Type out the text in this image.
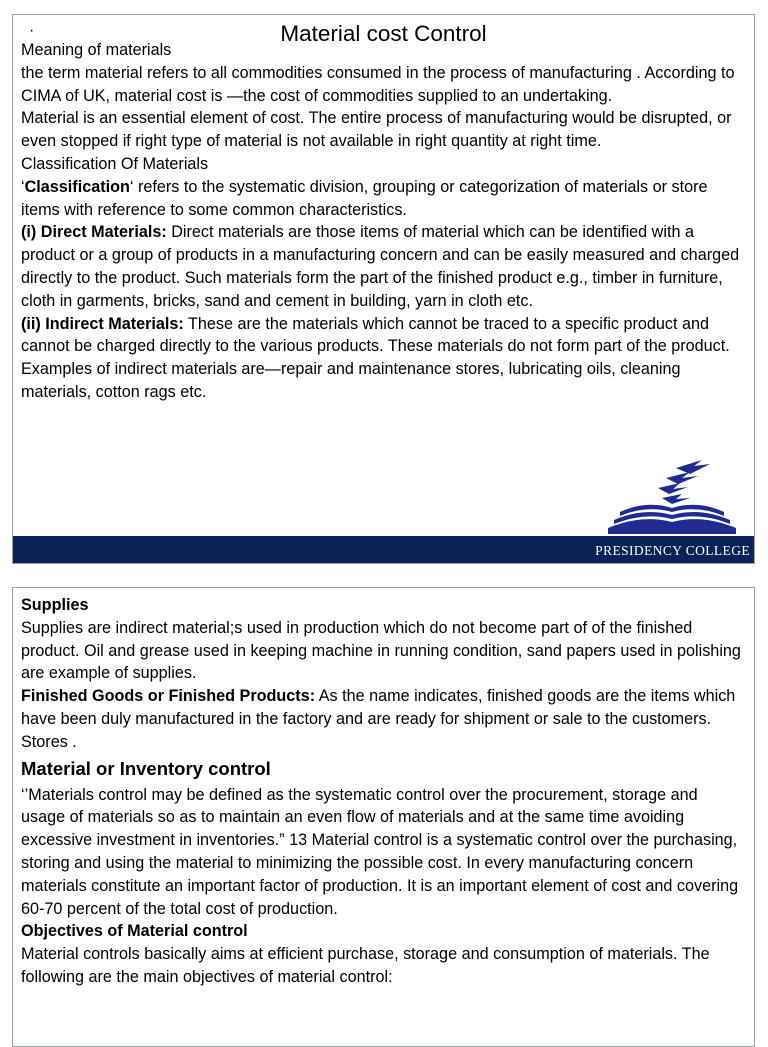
·	Material cost Control

Meaning of materials

the term material refers to all commodities consumed in the process of manufacturing . According to CIMA of UK, material cost is —the cost of commodities supplied to an undertaking.

Material is an essential element of cost. The entire process of manufacturing would be disrupted, or even stopped if right type of material is not available in right quantity at right time.

Classification Of Materials

‘Classification‘ refers to the systematic division, grouping or categorization of materials or store items with reference to some common characteristics.

(i) Direct Materials: Direct materials are those items of material which can be identified with a product or a group of products in a manufacturing concern and can be easily measured and charged directly to the product. Such materials form the part of the finished product e.g., timber in furniture, cloth in garments, bricks, sand and cement in building, yarn in cloth etc.

(ii) Indirect Materials: These are the materials which cannot be traced to a specific product and cannot be charged directly to the various products. These materials do not form part of the product. Examples of indirect materials are—repair and maintenance stores, lubricating oils, cleaning materials, cotton rags etc.

PRESIDENCY COLLEGE

Supplies

Supplies are indirect material;s used in production which do not become part of of the finished product. Oil and grease used in keeping machine in running condition, sand papers used in polishing are example of supplies.

Finished Goods or Finished Products: As the name indicates, finished goods are the items which have been duly manufactured in the factory and are ready for shipment or sale to the customers.

Stores .

Material or Inventory control

‘’Materials control may be defined as the systematic control over the procurement, storage and usage of materials so as to maintain an even flow of materials and at the same time avoiding excessive investment in inventories.” 13 Material control is a systematic control over the purchasing, storing and using the material to minimizing the possible cost. In every manufacturing concern materials constitute an important factor of production. It is an important element of cost and covering 60-70 percent of the total cost of production.

Objectives of Material control

Material controls basically aims at efficient purchase, storage and consumption of materials. The following are the main objectives of material control:
